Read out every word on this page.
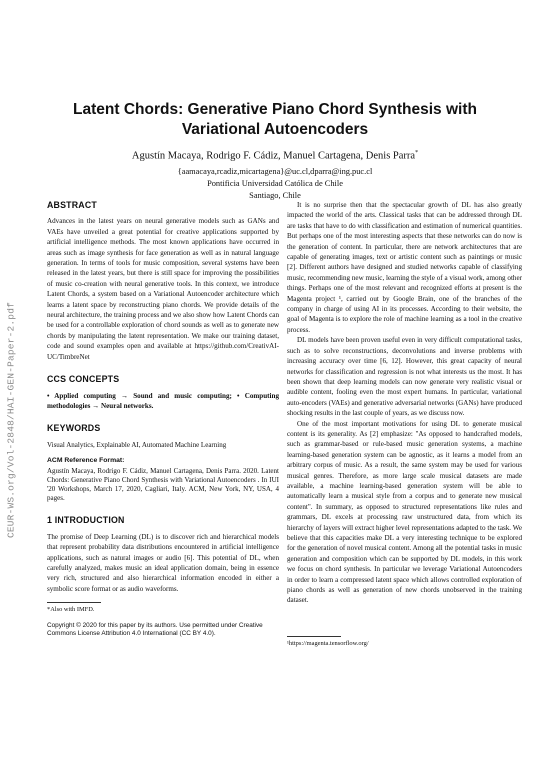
Latent Chords: Generative Piano Chord Synthesis with
Variational Autoencoders
Agustín Macaya, Rodrigo F. Cádiz, Manuel Cartagena, Denis Parra*
{aamacaya,rcadiz,micartagena}@uc.cl,dparra@ing.puc.cl
Pontificia Universidad Católica de Chile
Santiago, Chile
CEUR-WS.org/Vol-2848/HAI-GEN-Paper-2.pdf
ABSTRACT

Advances in the latest years on neural generative models such as GANs and VAEs have unveiled a great potential for creative applications supported by artificial intelligence methods. The most known applications have occurred in areas such as image synthesis for face generation as well as in natural language generation. In terms of tools for music composition, several systems have been released in the latest years, but there is still space for improving the possibilities of music co-creation with neural generative tools. In this context, we introduce Latent Chords, a system based on a Variational Autoencoder architecture which learns a latent space by reconstructing piano chords. We provide details of the neural architecture, the training process and we also show how Latent Chords can be used for a controllable exploration of chord sounds as well as to generate new chords by manipulating the latent representation. We make our training dataset, code and sound examples open and available at https://github.com/CreativAI-UC/TimbreNet

CCS CONCEPTS

• Applied computing → Sound and music computing; • Computing methodologies → Neural networks.

KEYWORDS

Visual Analytics, Explainable AI, Automated Machine Learning

ACM Reference Format:

Agustín Macaya, Rodrigo F. Cádiz, Manuel Cartagena, Denis Parra. 2020. Latent Chords: Generative Piano Chord Synthesis with Variational Autoencoders . In IUI '20 Workshops, March 17, 2020, Cagliari, Italy. ACM, New York, NY, USA, 4 pages.

1 INTRODUCTION

The promise of Deep Learning (DL) is to discover rich and hierarchical models that represent probability data distributions encountered in artificial intelligence applications, such as natural images or audio [6]. This potential of DL, when carefully analyzed, makes music an ideal application domain, being in essence very rich, structured and also hierarchical information encoded in either a symbolic score format or as audio waveforms.

*Also with IMFD.
Copyright © 2020 for this paper by its authors. Use permitted under Creative Commons License Attribution 4.0 International (CC BY 4.0).

It is no surprise then that the spectacular growth of DL has also greatly impacted the world of the arts. Classical tasks that can be addressed through DL are tasks that have to do with classification and estimation of numerical quantities. But perhaps one of the most interesting aspects that these networks can do now is the generation of content. In particular, there are network architectures that are capable of generating images, text or artistic content such as paintings or music [2]. Different authors have designed and studied networks capable of classifying music, recommending new music, learning the style of a visual work, among other things. Perhaps one of the most relevant and recognized efforts at present is the Magenta project ¹, carried out by Google Brain, one of the branches of the company in charge of using AI in its processes. According to their website, the goal of Magenta is to explore the role of machine learning as a tool in the creative process.

DL models have been proven useful even in very difficult computational tasks, such as to solve reconstructions, deconvolutions and inverse problems with increasing accuracy over time [6, 12]. However, this great capacity of neural networks for classification and regression is not what interests us the most. It has been shown that deep learning models can now generate very realistic visual or audible content, fooling even the most expert humans. In particular, variational auto-encoders (VAEs) and generative adversarial networks (GANs) have produced shocking results in the last couple of years, as we discuss now.

One of the most important motivations for using DL to generate musical content is its generality. As [2] emphasize: "As opposed to handcrafted models, such as grammar-based or rule-based music generation systems, a machine learning-based generation system can be agnostic, as it learns a model from an arbitrary corpus of music. As a result, the same system may be used for various musical genres. Therefore, as more large scale musical datasets are made available, a machine learning-based generation system will be able to automatically learn a musical style from a corpus and to generate new musical content". In summary, as opposed to structured representations like rules and grammars, DL excels at processing raw unstructured data, from which its hierarchy of layers will extract higher level representations adapted to the task. We believe that this capacities make DL a very interesting technique to be explored for the generation of novel musical content. Among all the potential tasks in music generation and composition which can be supported by DL models, in this work we focus on chord synthesis. In particular we leverage Variational Autoencoders in order to learn a compressed latent space which allows controlled exploration of piano chords as well as generation of new chords unobserved in the training dataset.

¹https://magenta.tensorflow.org/
